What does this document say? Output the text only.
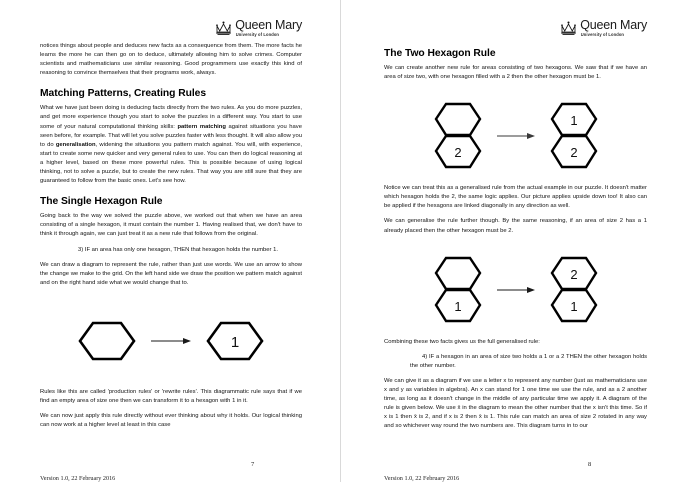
Queen Mary
University of London

notices things about people and deduces new facts as a consequence from them. The more facts he learns the more he can then go on to deduce, ultimately allowing him to solve crimes. Computer scientists and mathematicians use similar reasoning. Good programmers use exactly this kind of reasoning to convince themselves that their programs work, always.

Matching Patterns, Creating Rules

What we have just been doing is deducing facts directly from the two rules. As you do more puzzles, and get more experience though you start to solve the puzzles in a different way. You start to use some of your natural computational thinking skills: pattern matching against situations you have seen before, for example. That will let you solve puzzles faster with less thought. It will also allow you to do generalisation, widening the situations you pattern match against. You will, with experience, start to create some new quicker and very general rules to use. You can then do logical reasoning at a higher level, based on these more powerful rules. This is possible because of using logical thinking, not to solve a puzzle, but to create the new rules. That way you are still sure that they are guaranteed to follow from the basic ones. Let's see how.

The Single Hexagon Rule

Going back to the way we solved the puzzle above, we worked out that when we have an area consisting of a single hexagon, it must contain the number 1. Having realised that, we don't have to think it through again, we can just treat it as a new rule that follows from the original.

3) IF an area has only one hexagon, THEN that hexagon holds the number 1.

We can draw a diagram to represent the rule, rather than just use words. We use an arrow to show the change we make to the grid. On the left hand side we draw the position we pattern match against and on the right hand side what we would change that to.

1

Rules like this are called 'production rules' or 'rewrite rules'. This diagrammatic rule says that if we find an empty area of size one then we can transform it to a hexagon with 1 in it.

We can now just apply this rule directly without ever thinking about why it holds. Our logical thinking can now work at a higher level at least in this case

7
Version 1.0, 22 February 2016
Queen Mary
University of London
The Two Hexagon Rule

We can create another new rule for areas consisting of two hexagons. We saw that if we have an area of size two, with one hexagon filled with a 2 then the other hexagon must be 1.

2
1
2

Notice we can treat this as a generalised rule from the actual example in our puzzle. It doesn't matter which hexagon holds the 2, the same logic applies. Our picture applies upside down too! It also can be applied if the hexagons are linked diagonally in any direction as well.

We can generalise the rule further though. By the same reasoning, if an area of size 2 has a 1 already placed then the other hexagon must be 2.

1
2
1

Combining these two facts gives us the full generalised rule:

4) IF a hexagon in an area of size two holds a 1 or a 2 THEN the other hexagon holds the other number.

We can give it as a diagram if we use a letter x to represent any number (just as mathematicians use x and y as variables in algebra). An x can stand for 1 one time we use the rule, and as a 2 another time, as long as it doesn't change in the middle of any particular time we apply it. A diagram of the rule is given below. We use x̄ in the diagram to mean the other number that the x isn't this time. So if x is 1 then x̄ is 2, and if x is 2 then x̄ is 1. This rule can match an area of size 2 rotated in any way and so whichever way round the two numbers are. This diagram turns in to our

8
Version 1.0, 22 February 2016
